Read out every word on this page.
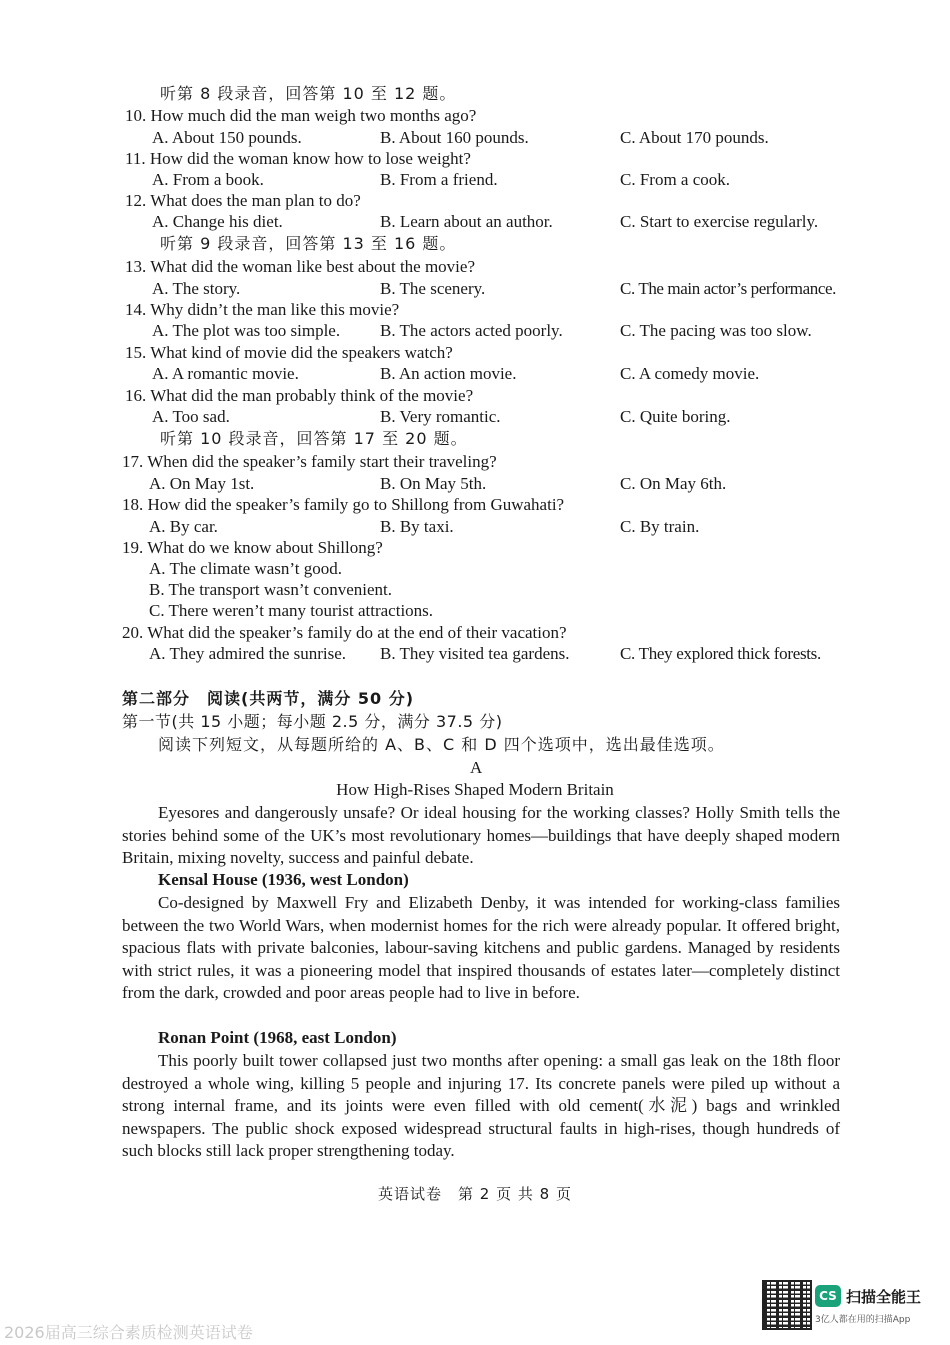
听第 8 段录音，回答第 10 至 12 题。
10. How much did the man weigh two months ago?
A. About 150 pounds.	B. About 160 pounds.	C. About 170 pounds.
11. How did the woman know how to lose weight?
A. From a book.	B. From a friend.	C. From a cook.
12. What does the man plan to do?
A. Change his diet.	B. Learn about an author.	C. Start to exercise regularly.
听第 9 段录音，回答第 13 至 16 题。
13. What did the woman like best about the movie?
A. The story.	B. The scenery.	C. The main actor’s performance.
14. Why didn’t the man like this movie?
A. The plot was too simple. B. The actors acted poorly.	C. The pacing was too slow.
15. What kind of movie did the speakers watch?
A. A romantic movie.	B. An action movie.	C. A comedy movie.
16. What did the man probably think of the movie?
A. Too sad.	B. Very romantic.	C. Quite boring.
听第 10 段录音，回答第 17 至 20 题。
17. When did the speaker’s family start their traveling?
A. On May 1st.	B. On May 5th.	C. On May 6th.
18. How did the speaker’s family go to Shillong from Guwahati?
A. By car.	B. By taxi.	C. By train.
19. What do we know about Shillong?
A. The climate wasn’t good.
B. The transport wasn’t convenient.
C. There weren’t many tourist attractions.
20. What did the speaker’s family do at the end of their vacation?
A. They admired the sunrise. B. They visited tea gardens.	C. They explored thick forests.
第二部分　阅读(共两节，满分 50 分)
第一节(共 15 小题；每小题 2.5 分，满分 37.5 分)
阅读下列短文，从每题所给的 A、B、C 和 D 四个选项中，选出最佳选项。
A
How High-Rises Shaped Modern Britain

Eyesores and dangerously unsafe? Or ideal housing for the working classes? Holly Smith tells the stories behind some of the UK’s most revolutionary homes—buildings that have deeply shaped modern Britain, mixing novelty, success and painful debate.

Kensal House (1936, west London)

Co-designed by Maxwell Fry and Elizabeth Denby, it was intended for working-class families between the two World Wars, when modernist homes for the rich were already popular. It offered bright, spacious flats with private balconies, labour-saving kitchens and public gardens. Managed by residents with strict rules, it was a pioneering model that inspired thousands of estates later—completely distinct from the dark, crowded and poor areas people had to live in before.

Ronan Point (1968, east London)

This poorly built tower collapsed just two months after opening: a small gas leak on the 18th floor destroyed a whole wing, killing 5 people and injuring 17. Its concrete panels were piled up without a strong internal frame, and its joints were even filled with old cement(水泥) bags and wrinkled newspapers. The public shock exposed widespread structural faults in high-rises, though hundreds of such blocks still lack proper strengthening today.

英语试卷　第 2 页 共 8 页
2026届高三综合素质检测英语试卷
CS 扫描全能王
3亿人都在用的扫描App
